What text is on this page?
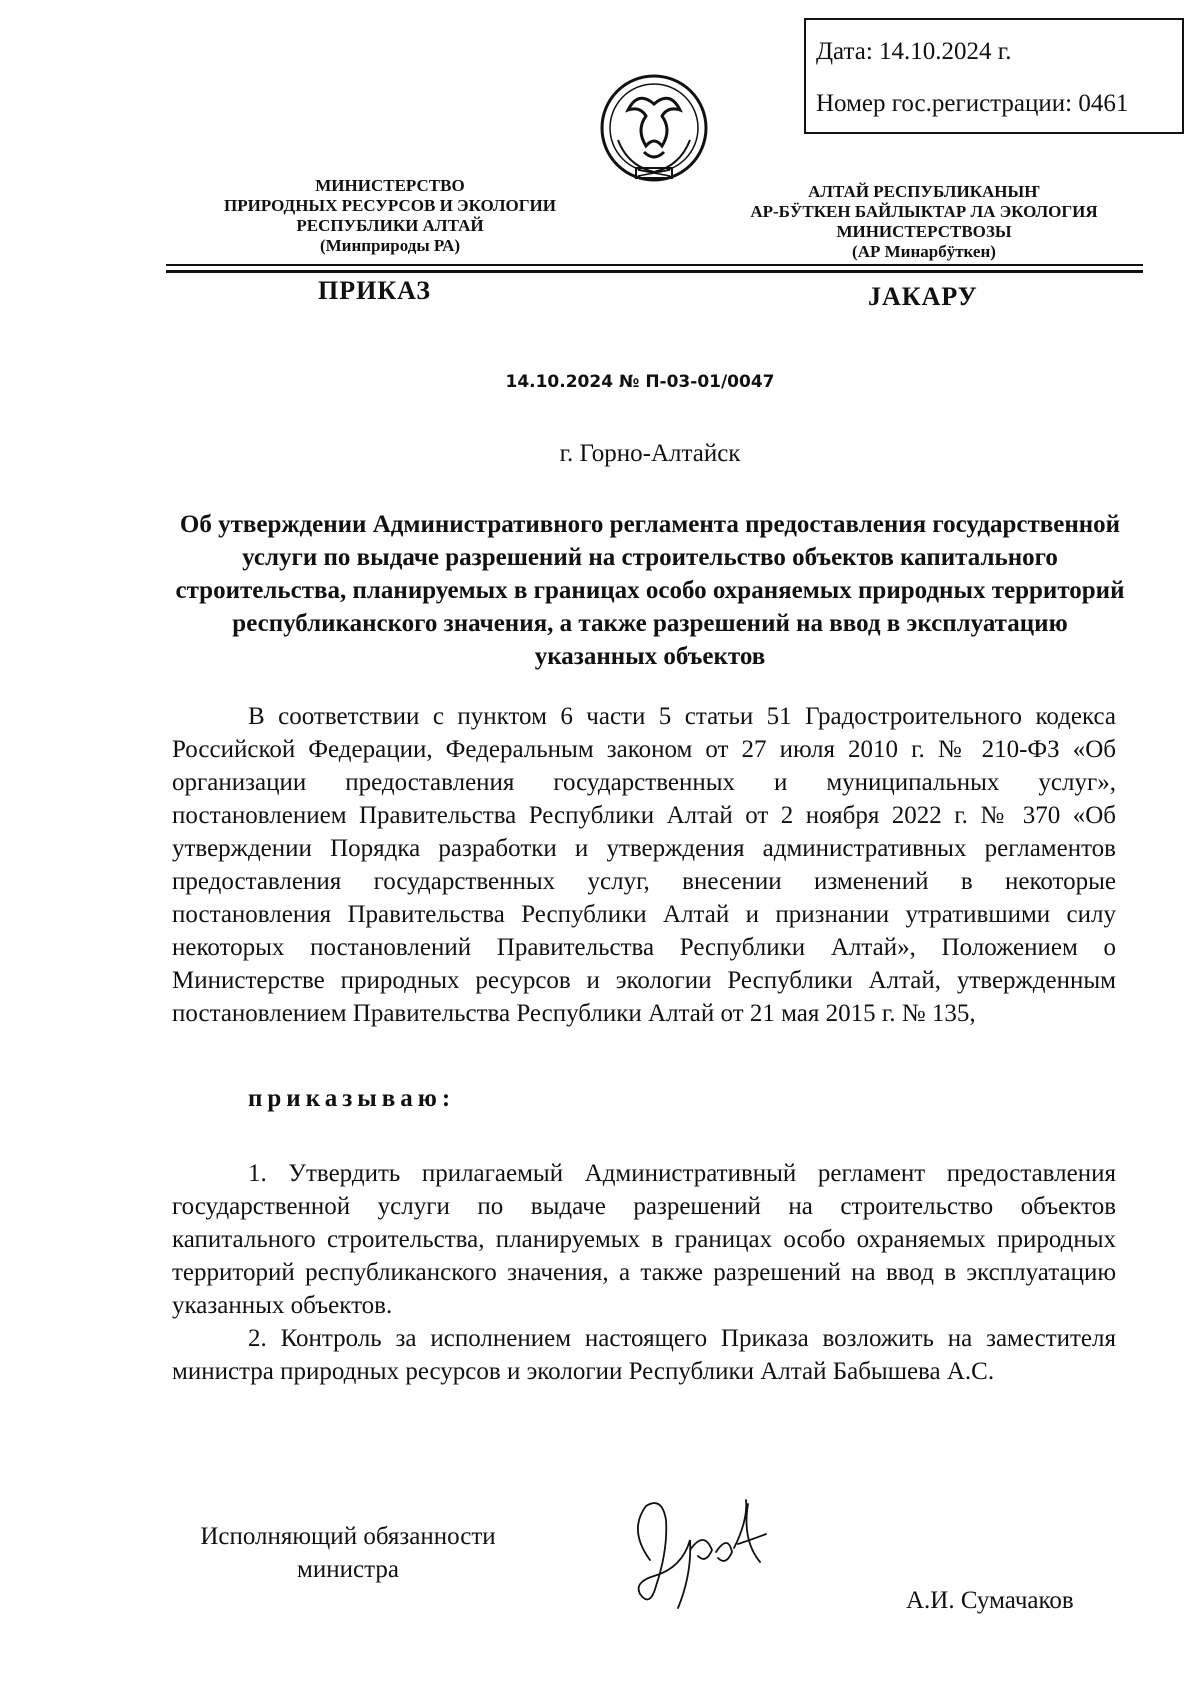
Дата: 14.10.2024 г.
Номер гос.регистрации: 0461
МИНИСТЕРСТВО
ПРИРОДНЫХ РЕСУРСОВ И ЭКОЛОГИИ
РЕСПУБЛИКИ АЛТАЙ
(Минприроды РА)
АЛТАЙ РЕСПУБЛИКАНЫҤ
АР-БӰТКЕН БАЙЛЫКТАР ЛА ЭКОЛОГИЯ
МИНИСТЕРСТВОЗЫ
(АР Минарбӱткен)
ПРИКАЗ	ЈАКАРУ
14.10.2024 № П-03-01/0047
г. Горно-Алтайск
Об утверждении Административного регламента предоставления государственной услуги по выдаче разрешений на строительство объектов капитального строительства, планируемых в границах особо охраняемых природных территорий республиканского значения, а также разрешений на ввод в эксплуатацию указанных объектов
В соответствии с пунктом 6 части 5 статьи 51 Градостроительного кодекса Российской Федерации, Федеральным законом от 27 июля 2010 г. № 210-ФЗ «Об организации предоставления государственных и муниципальных услуг», постановлением Правительства Республики Алтай от 2 ноября 2022 г. № 370 «Об утверждении Порядка разработки и утверждения административных регламентов предоставления государственных услуг, внесении изменений в некоторые постановления Правительства Республики Алтай и признании утратившими силу некоторых постановлений Правительства Республики Алтай», Положением о Министерстве природных ресурсов и экологии Республики Алтай, утвержденным постановлением Правительства Республики Алтай от 21 мая 2015 г. № 135,
приказываю:
1. Утвердить прилагаемый Административный регламент предоставления государственной услуги по выдаче разрешений на строительство объектов капитального строительства, планируемых в границах особо охраняемых природных территорий республиканского значения, а также разрешений на ввод в эксплуатацию указанных объектов.
2. Контроль за исполнением настоящего Приказа возложить на заместителя министра природных ресурсов и экологии Республики Алтай Бабышева А.С.
Исполняющий обязанности
министра
А.И. Сумачаков
